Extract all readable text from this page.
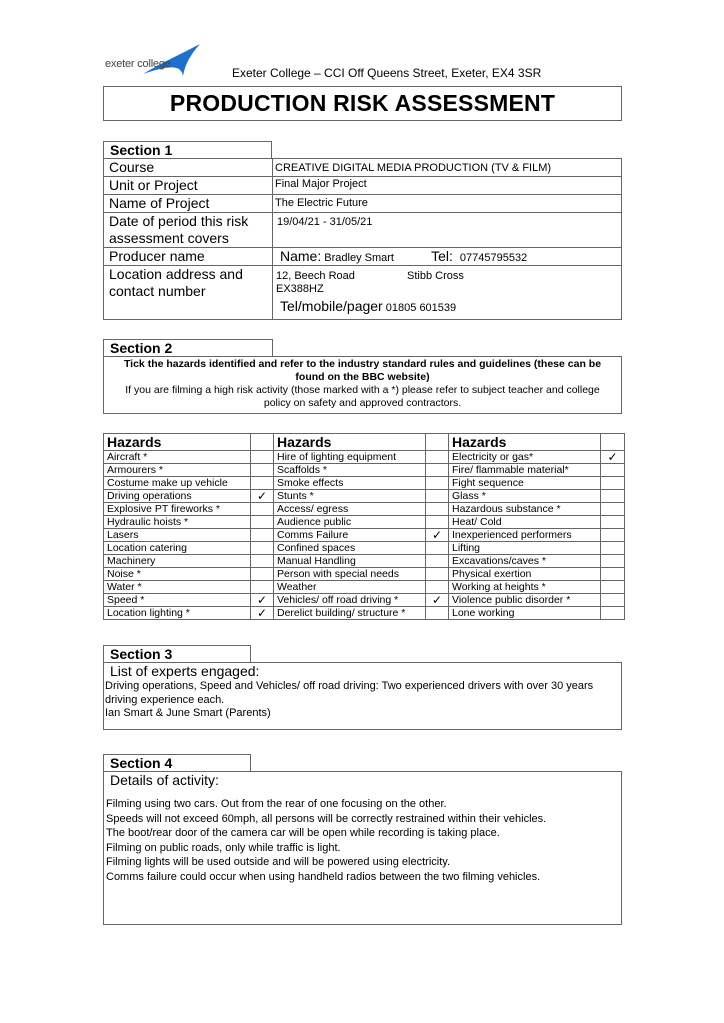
exeter college
Exeter College – CCI Off Queens Street, Exeter, EX4 3SR
PRODUCTION RISK ASSESSMENT
Section 1
Course	CREATIVE DIGITAL MEDIA PRODUCTION (TV & FILM)
Unit or Project	Final Major Project
Name of Project	The Electric Future
Date of period this risk assessment covers	19/04/21 - 31/05/21
Producer name	Name: Bradley Smart Tel: 07745795532
Location address and contact number	12, Beech Road Stibb Cross
EX388HZ
Tel/mobile/pager 01805 601539
Section 2
Tick the hazards identified and refer to the industry standard rules and guidelines (these can be found on the BBC website)
If you are filming a high risk activity (those marked with a *) please refer to subject teacher and college policy on safety and approved contractors.
Hazards		Hazards		Hazards	
Aircraft *		Hire of lighting equipment		Electricity or gas*	✓
Armourers *		Scaffolds *		Fire/ flammable material*	
Costume make up vehicle		Smoke effects		Fight sequence	
Driving operations	✓	Stunts *		Glass *	
Explosive PT fireworks *		Access/ egress		Hazardous substance *	
Hydraulic hoists *		Audience public		Heat/ Cold	
Lasers		Comms Failure	✓	Inexperienced performers	
Location catering		Confined spaces		Lifting	
Machinery		Manual Handling		Excavations/caves *	
Noise *		Person with special needs		Physical exertion	
Water *		Weather		Working at heights *	
Speed *	✓	Vehicles/ off road driving *	✓	Violence public disorder *	
Location lighting *	✓	Derelict building/ structure *		Lone working	
Section 3
List of experts engaged:
Driving operations, Speed and Vehicles/ off road driving: Two experienced drivers with over 30 years driving experience each.
Ian Smart & June Smart (Parents)
Section 4
Details of activity:
Filming using two cars. Out from the rear of one focusing on the other.
Speeds will not exceed 60mph, all persons will be correctly restrained within their vehicles.
The boot/rear door of the camera car will be open while recording is taking place.
Filming on public roads, only while traffic is light.
Filming lights will be used outside and will be powered using electricity.
Comms failure could occur when using handheld radios between the two filming vehicles.
